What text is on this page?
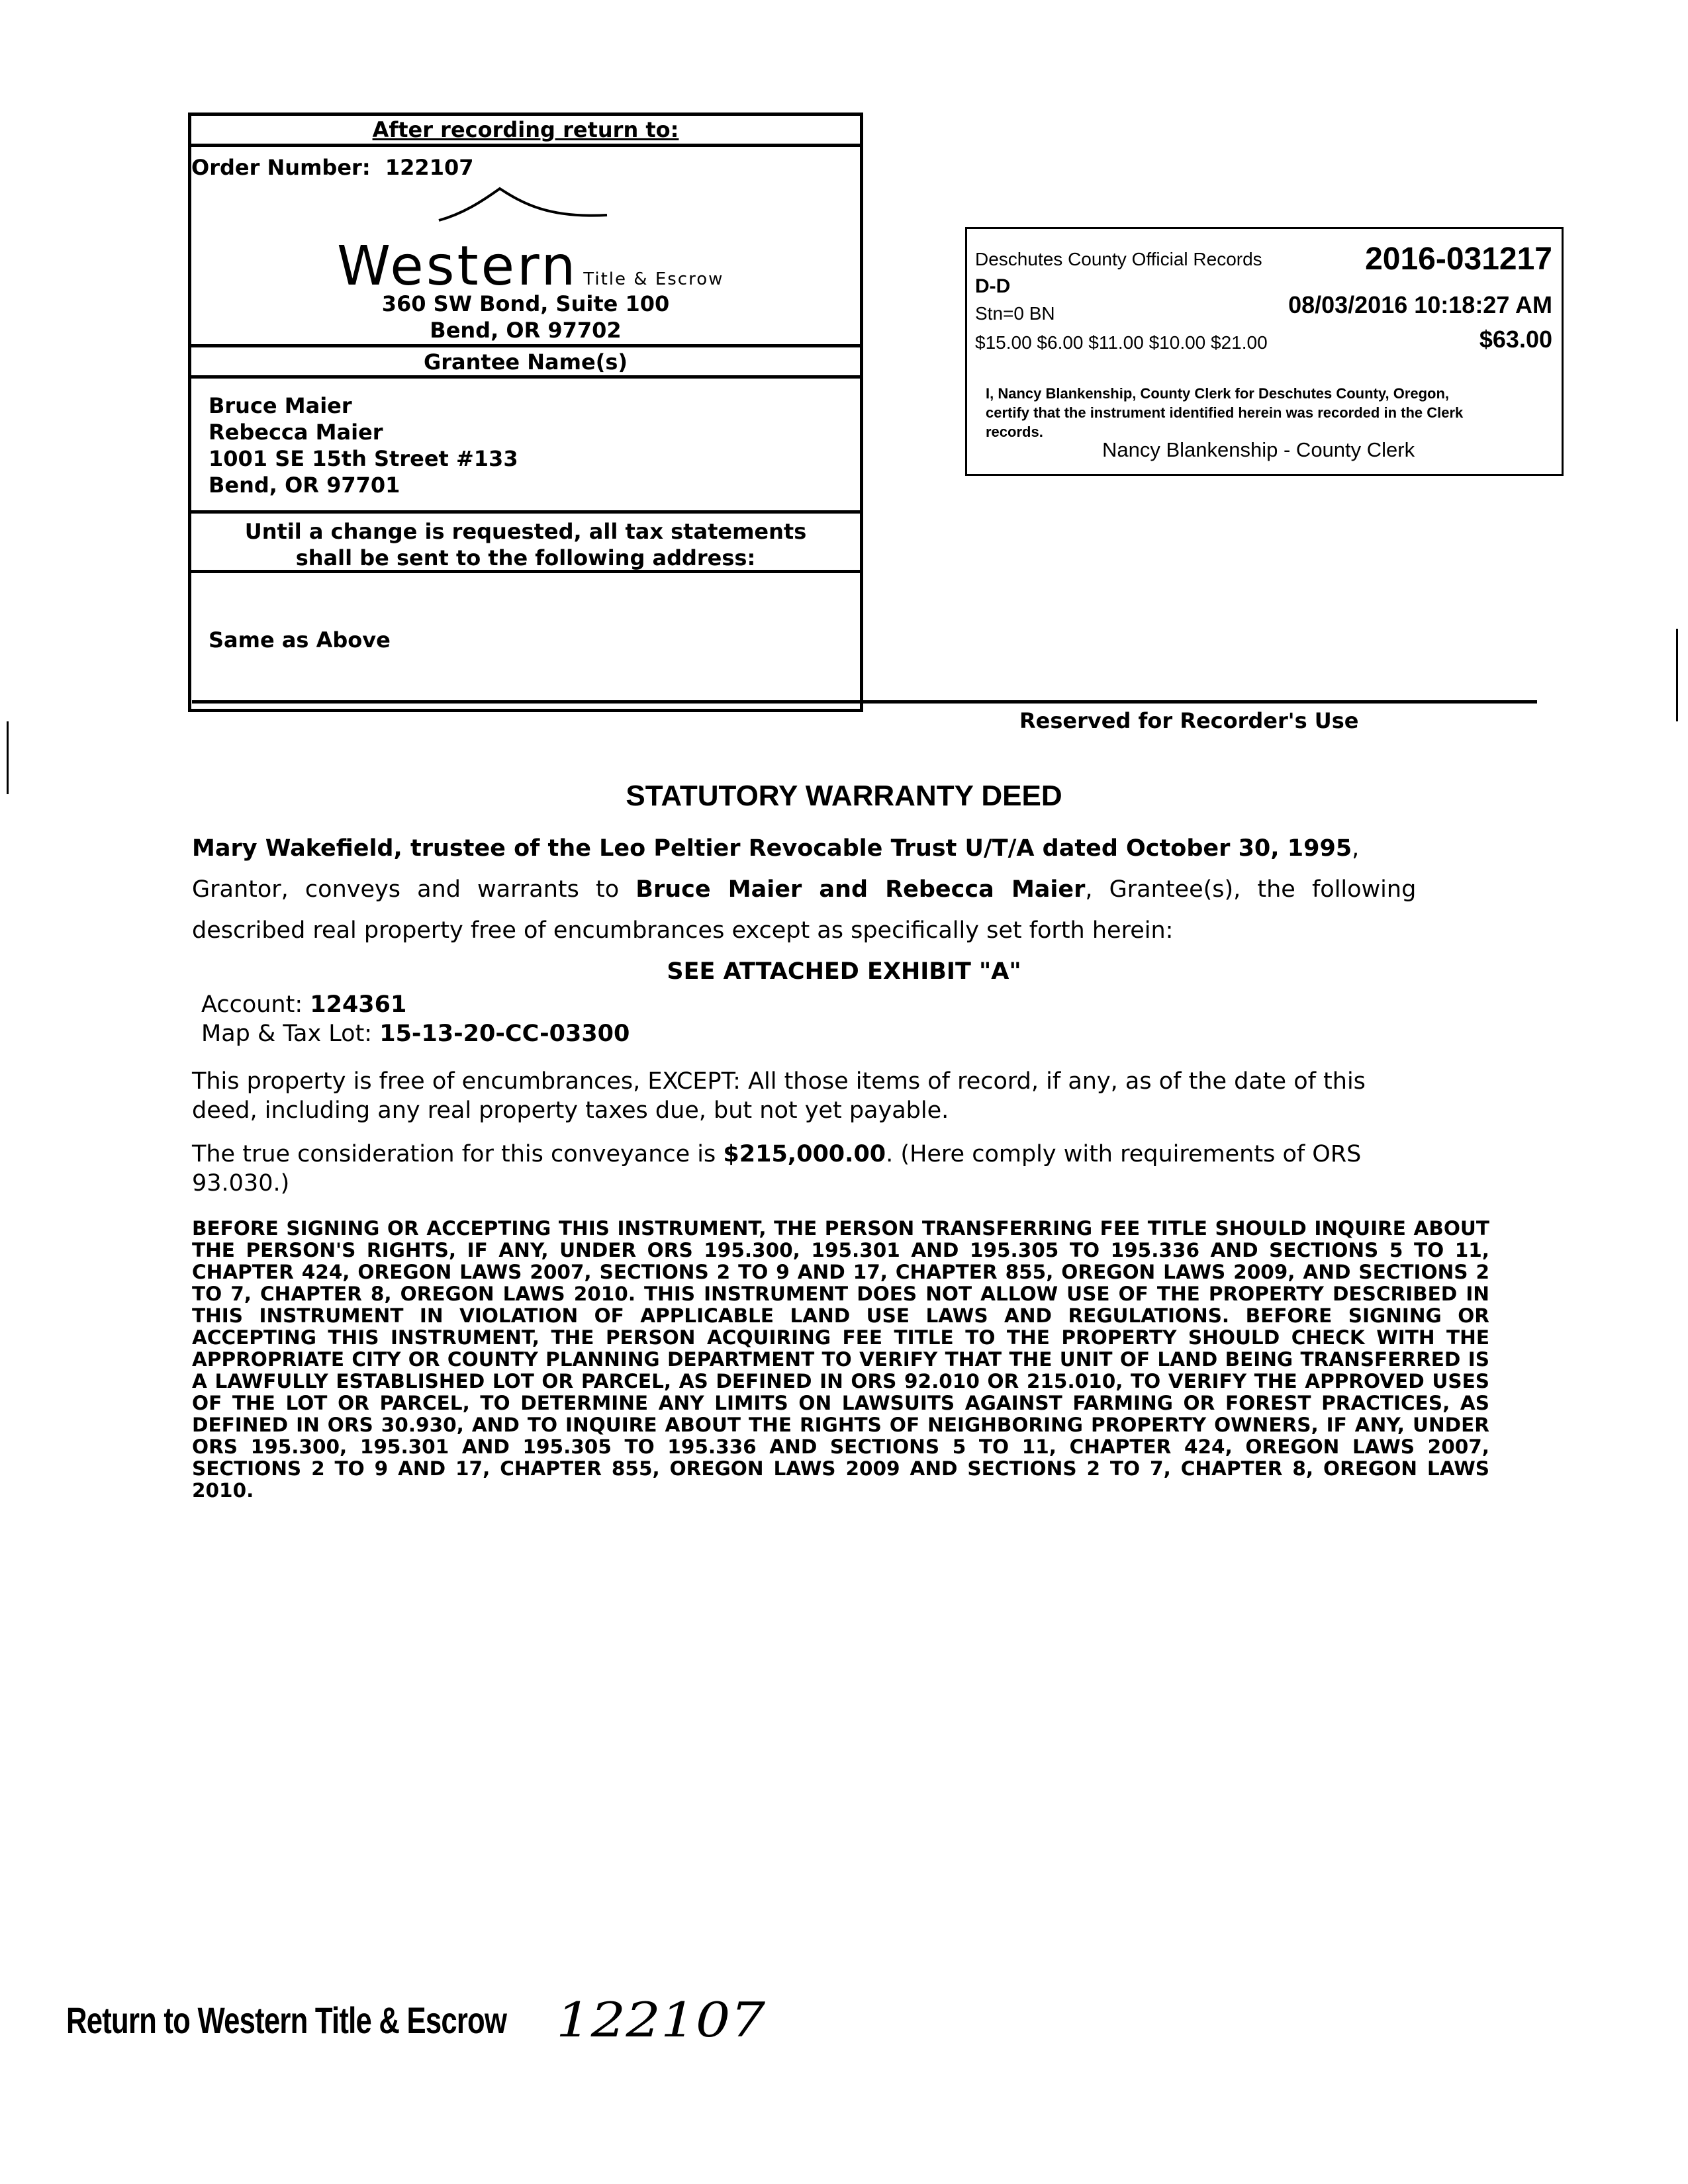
After recording return to:
Order Number: 122107
Western Title & Escrow
360 SW Bond, Suite 100
Bend, OR 97702
Grantee Name(s)
Bruce Maier
Rebecca Maier
1001 SE 15th Street #133
Bend, OR 97701
Until a change is requested, all tax statements
shall be sent to the following address:
Same as Above
Deschutes County Official Records	2016-031217
D-D
Stn=0 BN	08/03/2016 10:18:27 AM
$15.00 $6.00 $11.00 $10.00 $21.00	$63.00
I, Nancy Blankenship, County Clerk for Deschutes County, Oregon,
certify that the instrument identified herein was recorded in the Clerk
records.
Nancy Blankenship - County Clerk
Reserved for Recorder's Use
STATUTORY WARRANTY DEED
Mary Wakefield, trustee of the Leo Peltier Revocable Trust U/T/A dated October 30, 1995,
Grantor, conveys and warrants to Bruce Maier and Rebecca Maier, Grantee(s), the following
described real property free of encumbrances except as specifically set forth herein:
SEE ATTACHED EXHIBIT "A"
Account: 124361
Map & Tax Lot: 15-13-20-CC-03300
This property is free of encumbrances, EXCEPT: All those items of record, if any, as of the date of this
deed, including any real property taxes due, but not yet payable.
The true consideration for this conveyance is $215,000.00. (Here comply with requirements of ORS
93.030.)
BEFORE SIGNING OR ACCEPTING THIS INSTRUMENT, THE PERSON TRANSFERRING FEE TITLE SHOULD INQUIRE ABOUT THE PERSON'S RIGHTS, IF ANY, UNDER ORS 195.300, 195.301 AND 195.305 TO 195.336 AND SECTIONS 5 TO 11, CHAPTER 424, OREGON LAWS 2007, SECTIONS 2 TO 9 AND 17, CHAPTER 855, OREGON LAWS 2009, AND SECTIONS 2 TO 7, CHAPTER 8, OREGON LAWS 2010. THIS INSTRUMENT DOES NOT ALLOW USE OF THE PROPERTY DESCRIBED IN THIS INSTRUMENT IN VIOLATION OF APPLICABLE LAND USE LAWS AND REGULATIONS. BEFORE SIGNING OR ACCEPTING THIS INSTRUMENT, THE PERSON ACQUIRING FEE TITLE TO THE PROPERTY SHOULD CHECK WITH THE APPROPRIATE CITY OR COUNTY PLANNING DEPARTMENT TO VERIFY THAT THE UNIT OF LAND BEING TRANSFERRED IS A LAWFULLY ESTABLISHED LOT OR PARCEL, AS DEFINED IN ORS 92.010 OR 215.010, TO VERIFY THE APPROVED USES OF THE LOT OR PARCEL, TO DETERMINE ANY LIMITS ON LAWSUITS AGAINST FARMING OR FOREST PRACTICES, AS DEFINED IN ORS 30.930, AND TO INQUIRE ABOUT THE RIGHTS OF NEIGHBORING PROPERTY OWNERS, IF ANY, UNDER ORS 195.300, 195.301 AND 195.305 TO 195.336 AND SECTIONS 5 TO 11, CHAPTER 424, OREGON LAWS 2007, SECTIONS 2 TO 9 AND 17, CHAPTER 855, OREGON LAWS 2009 AND SECTIONS 2 TO 7, CHAPTER 8, OREGON LAWS 2010.
Return to Western Title & Escrow 122107
